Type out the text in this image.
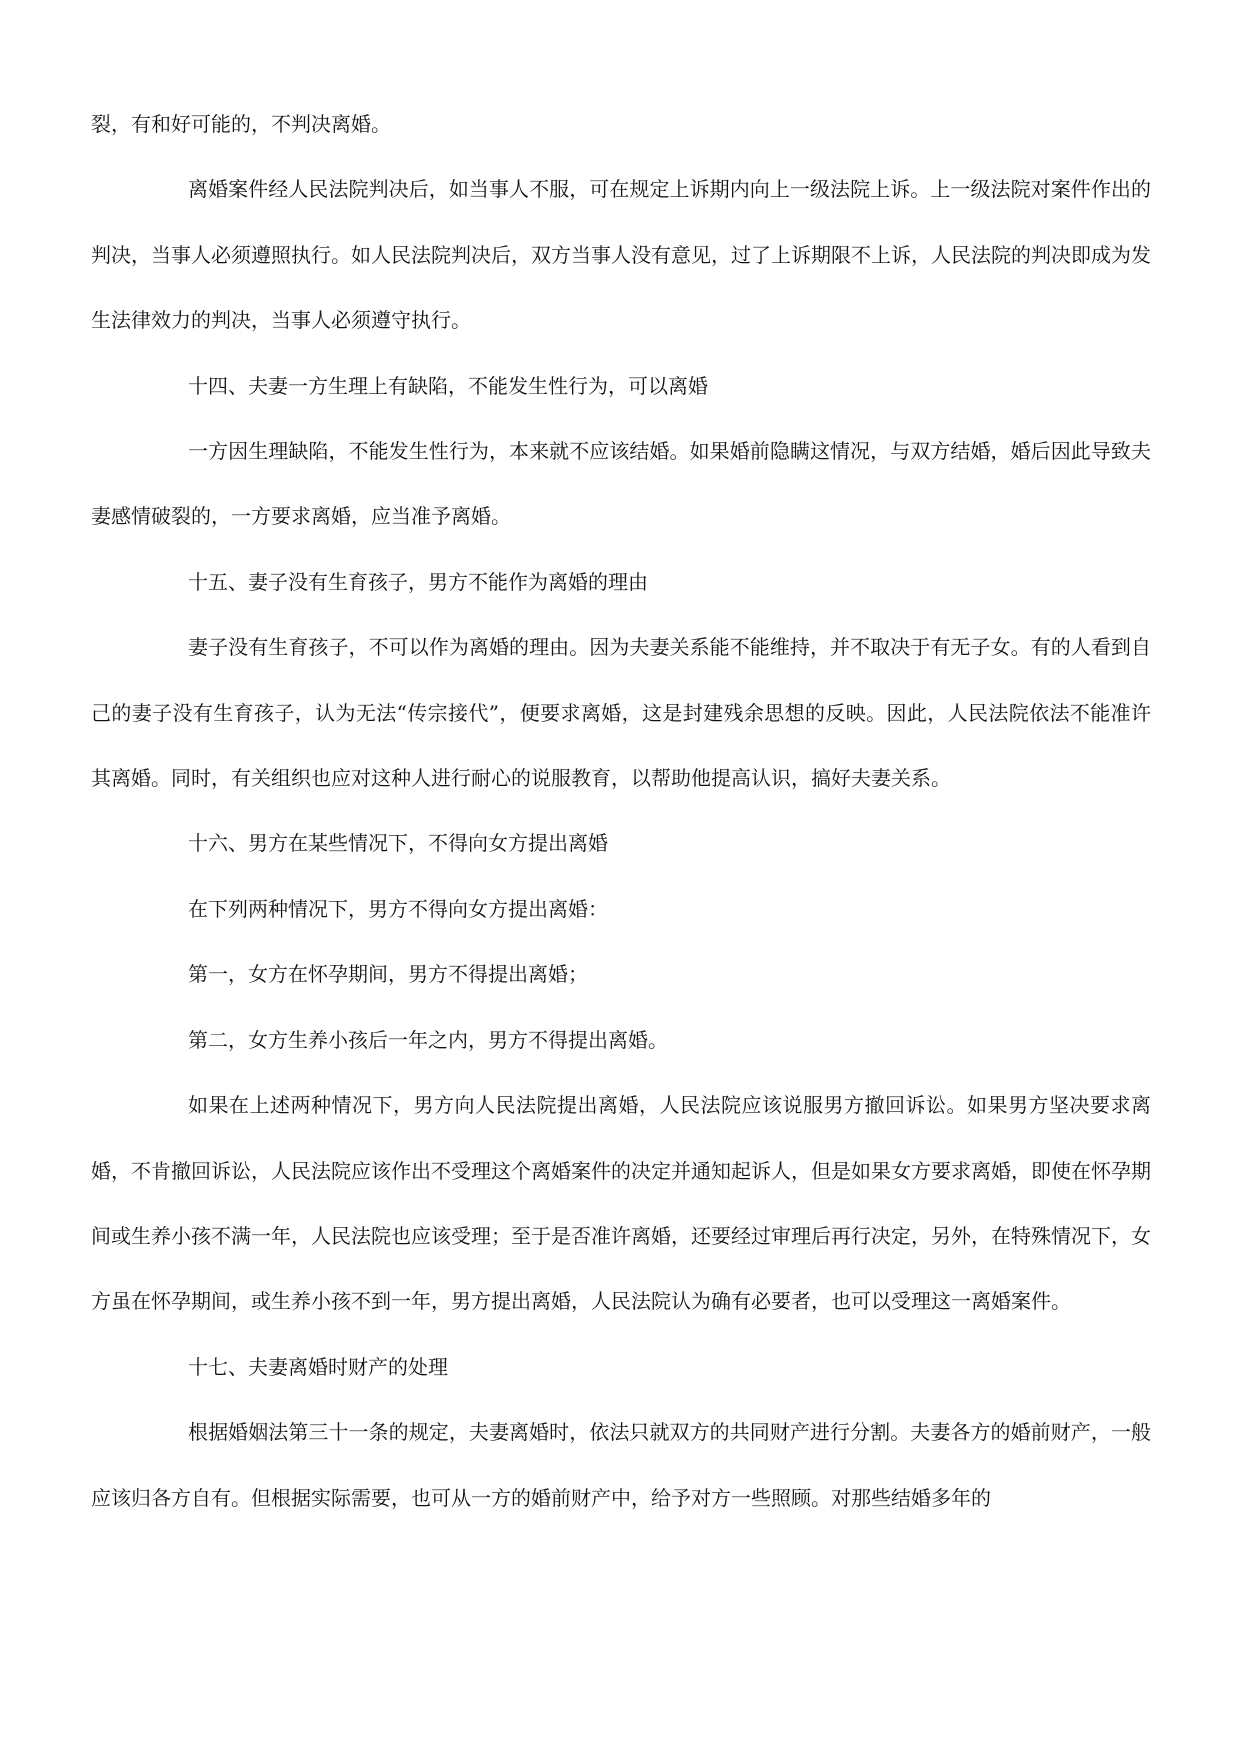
裂，有和好可能的，不判决离婚。

离婚案件经人民法院判决后，如当事人不服，可在规定上诉期内向上一级法院上诉。上一级法院对案件作出的判决，当事人必须遵照执行。如人民法院判决后，双方当事人没有意见，过了上诉期限不上诉，人民法院的判决即成为发生法律效力的判决，当事人必须遵守执行。

十四、夫妻一方生理上有缺陷，不能发生性行为，可以离婚

一方因生理缺陷，不能发生性行为，本来就不应该结婚。如果婚前隐瞒这情况，与双方结婚，婚后因此导致夫妻感情破裂的，一方要求离婚，应当准予离婚。

十五、妻子没有生育孩子，男方不能作为离婚的理由

妻子没有生育孩子，不可以作为离婚的理由。因为夫妻关系能不能维持，并不取决于有无子女。有的人看到自己的妻子没有生育孩子，认为无法“传宗接代”，便要求离婚，这是封建残余思想的反映。因此，人民法院依法不能准许其离婚。同时，有关组织也应对这种人进行耐心的说服教育，以帮助他提高认识，搞好夫妻关系。

十六、男方在某些情况下，不得向女方提出离婚

在下列两种情况下，男方不得向女方提出离婚：

第一，女方在怀孕期间，男方不得提出离婚；

第二，女方生养小孩后一年之内，男方不得提出离婚。

如果在上述两种情况下，男方向人民法院提出离婚，人民法院应该说服男方撤回诉讼。如果男方坚决要求离婚，不肯撤回诉讼，人民法院应该作出不受理这个离婚案件的决定并通知起诉人，但是如果女方要求离婚，即使在怀孕期间或生养小孩不满一年，人民法院也应该受理；至于是否准许离婚，还要经过审理后再行决定，另外，在特殊情况下，女方虽在怀孕期间，或生养小孩不到一年，男方提出离婚，人民法院认为确有必要者，也可以受理这一离婚案件。

十七、夫妻离婚时财产的处理

根据婚姻法第三十一条的规定，夫妻离婚时，依法只就双方的共同财产进行分割。夫妻各方的婚前财产，一般应该归各方自有。但根据实际需要，也可从一方的婚前财产中，给予对方一些照顾。对那些结婚多年的
